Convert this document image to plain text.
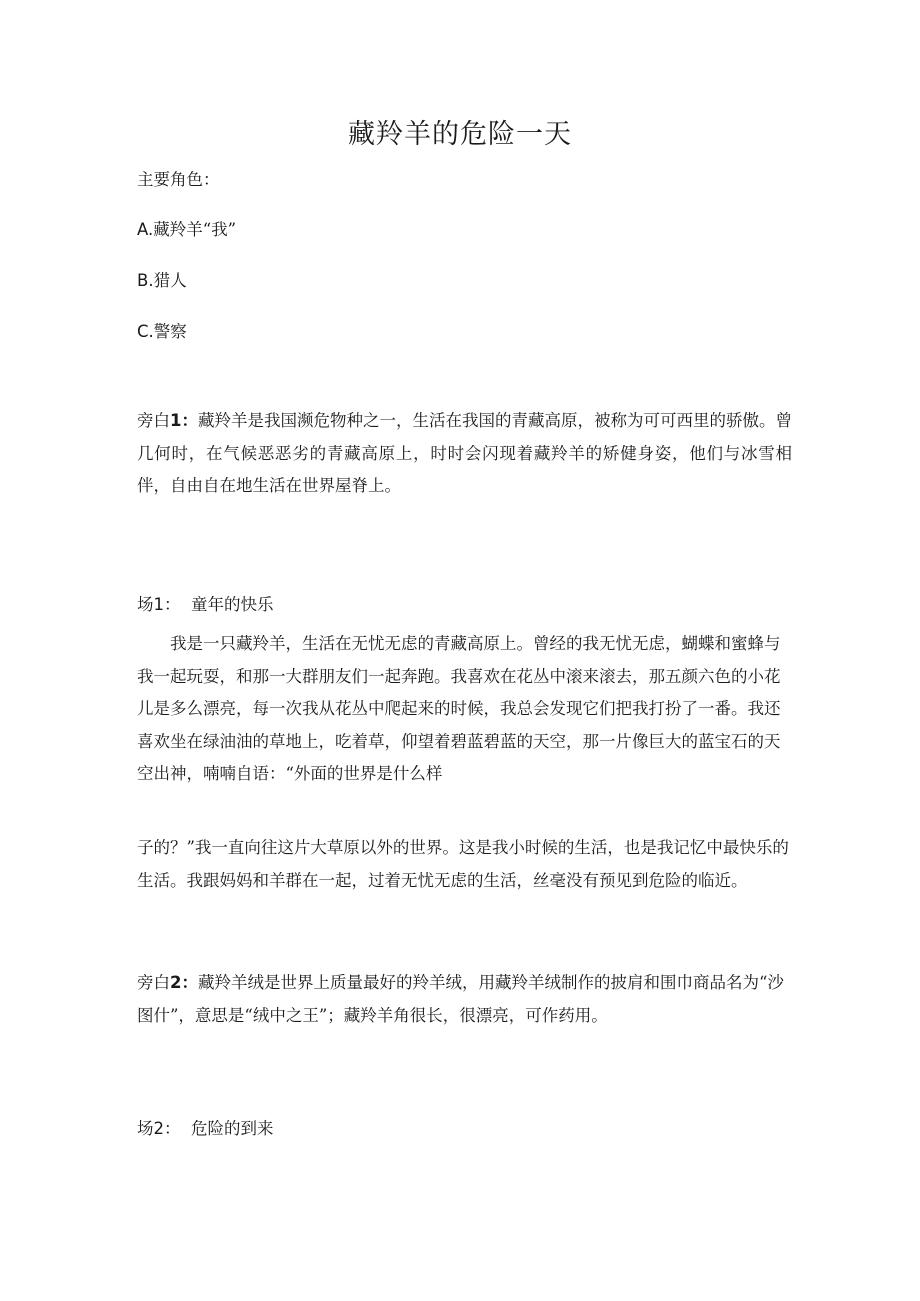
藏羚羊的危险一天
主要角色：
A.藏羚羊“我”
B.猎人
C.警察
旁白1：藏羚羊是我国濒危物种之一，生活在我国的青藏高原，被称为可可西里的骄傲。曾几何时，在气候恶恶劣的青藏高原上，时时会闪现着藏羚羊的矫健身姿，他们与冰雪相伴，自由自在地生活在世界屋脊上。
场1： 童年的快乐
我是一只藏羚羊，生活在无忧无虑的青藏高原上。曾经的我无忧无虑，蝴蝶和蜜蜂与我一起玩耍，和那一大群朋友们一起奔跑。我喜欢在花丛中滚来滚去，那五颜六色的小花儿是多么漂亮，每一次我从花丛中爬起来的时候，我总会发现它们把我打扮了一番。我还喜欢坐在绿油油的草地上，吃着草，仰望着碧蓝碧蓝的天空，那一片像巨大的蓝宝石的天空出神，喃喃自语：“外面的世界是什么样
子的？”我一直向往这片大草原以外的世界。这是我小时候的生活，也是我记忆中最快乐的生活。我跟妈妈和羊群在一起，过着无忧无虑的生活，丝毫没有预见到危险的临近。
旁白2：藏羚羊绒是世界上质量最好的羚羊绒，用藏羚羊绒制作的披肩和围巾商品名为“沙图什”，意思是“绒中之王”；藏羚羊角很长，很漂亮，可作药用。
场2： 危险的到来
